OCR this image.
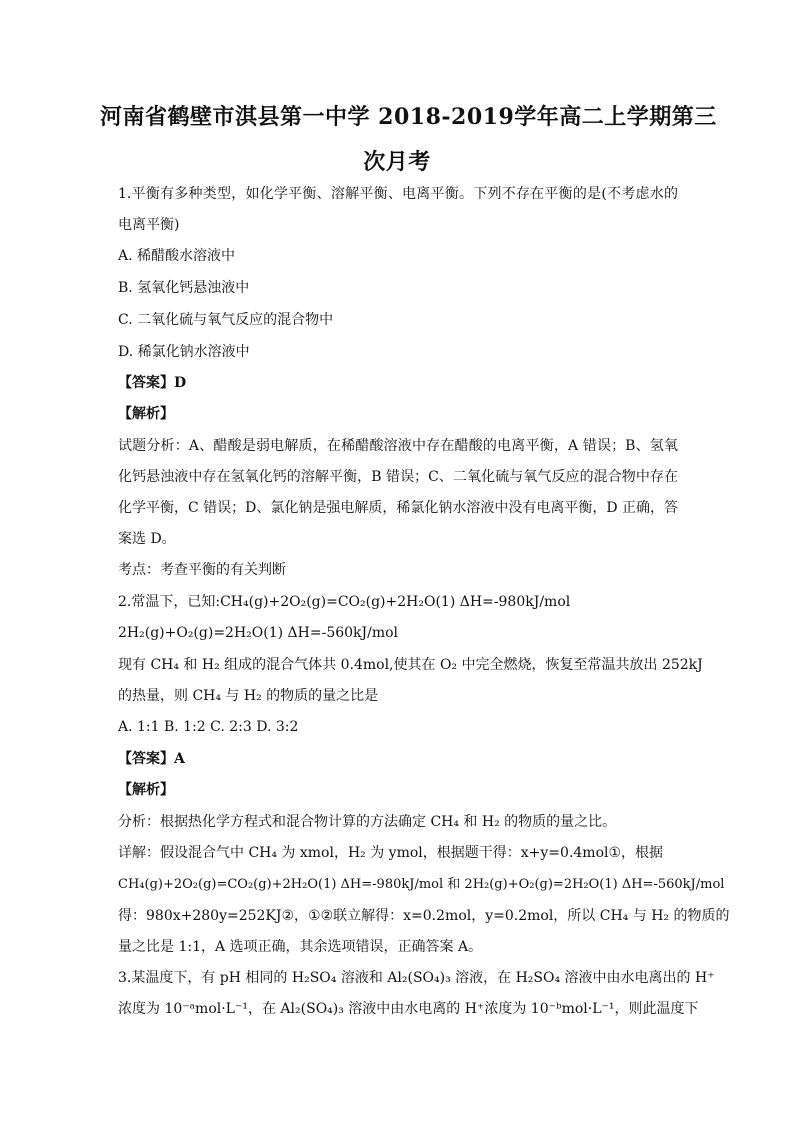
河南省鹤壁市淇县第一中学 2018-2019学年高二上学期第三
次月考
1.平衡有多种类型，如化学平衡、溶解平衡、电离平衡。下列不存在平衡的是(不考虑水的
电离平衡)
A. 稀醋酸水溶液中
B. 氢氧化钙悬浊液中
C. 二氧化硫与氧气反应的混合物中
D. 稀氯化钠水溶液中
【答案】D
【解析】
试题分析：A、醋酸是弱电解质，在稀醋酸溶液中存在醋酸的电离平衡，A 错误；B、氢氧
化钙悬浊液中存在氢氧化钙的溶解平衡，B 错误；C、二氧化硫与氧气反应的混合物中存在
化学平衡，C 错误；D、氯化钠是强电解质，稀氯化钠水溶液中没有电离平衡，D 正确，答
案选 D。
考点：考查平衡的有关判断
2.常温下，已知:CH₄(g)+2O₂(g)=CO₂(g)+2H₂O(1) ΔH=-980kJ/mol
2H₂(g)+O₂(g)=2H₂O(1) ΔH=-560kJ/mol
现有 CH₄ 和 H₂ 组成的混合气体共 0.4mol,使其在 O₂ 中完全燃烧，恢复至常温共放出 252kJ
的热量，则 CH₄ 与 H₂ 的物质的量之比是
A. 1:1 B. 1:2 C. 2:3 D. 3:2
【答案】A
【解析】
分析：根据热化学方程式和混合物计算的方法确定 CH₄ 和 H₂ 的物质的量之比。
详解：假设混合气中 CH₄ 为 xmol，H₂ 为 ymol，根据题干得：x+y=0.4mol①，根据
CH₄(g)+2O₂(g)=CO₂(g)+2H₂O(1) ΔH=-980kJ/mol 和 2H₂(g)+O₂(g)=2H₂O(1) ΔH=-560kJ/mol
得：980x+280y=252KJ②，①②联立解得：x=0.2mol，y=0.2mol，所以 CH₄ 与 H₂ 的物质的
量之比是 1:1，A 选项正确，其余选项错误，正确答案 A。
3.某温度下，有 pH 相同的 H₂SO₄ 溶液和 Al₂(SO₄)₃ 溶液，在 H₂SO₄ 溶液中由水电离出的 H⁺
浓度为 10⁻ᵃmol·L⁻¹，在 Al₂(SO₄)₃ 溶液中由水电离的 H⁺浓度为 10⁻ᵇmol·L⁻¹，则此温度下
